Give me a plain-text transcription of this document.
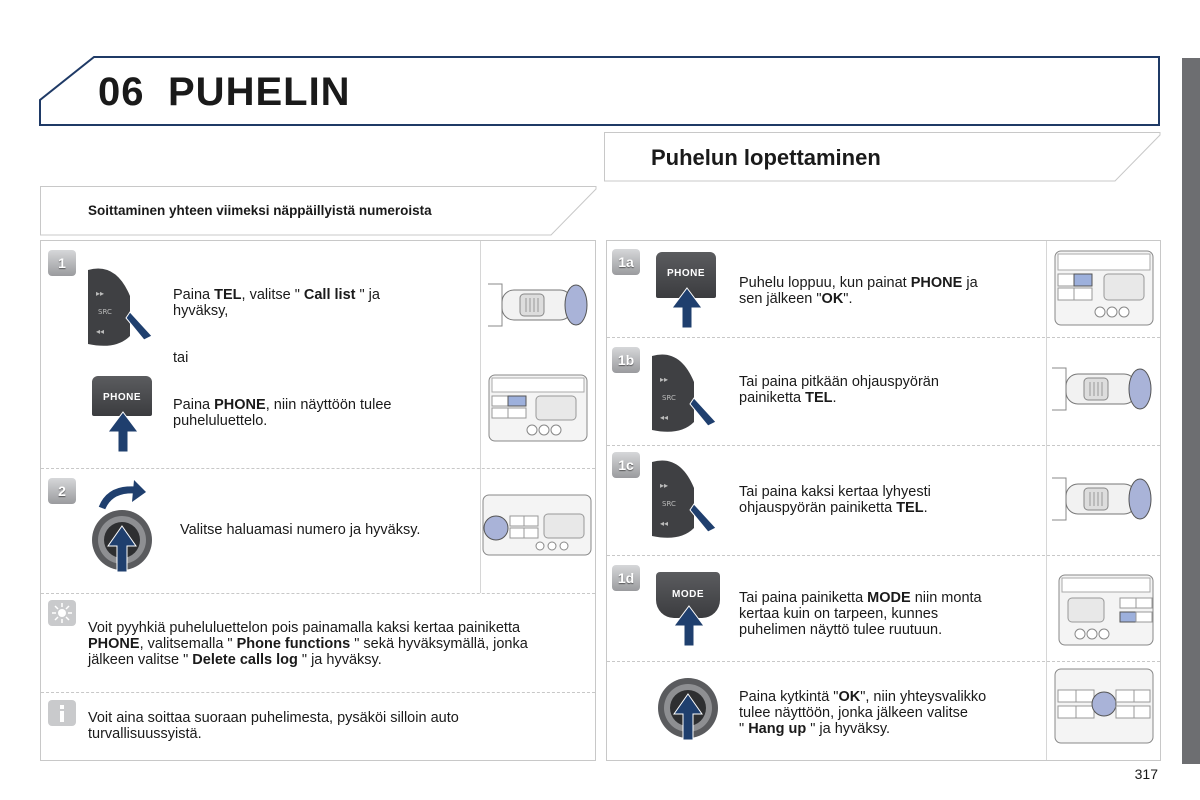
06 PUHELIN
Soittaminen yhteen viimeksi näppäillyistä numeroista
Puhelun lopettaminen
1
▸▸
SRC
◂◂
Paina TEL, valitse " Call list " ja
hyväksy,
tai
PHONE	Paina PHONE, niin näyttöön tulee
puheluluettelo.
2
Valitse haluamasi numero ja hyväksy.
Voit pyyhkiä puheluluettelon pois painamalla kaksi kertaa painiketta
PHONE, valitsemalla " Phone functions " sekä hyväksymällä, jonka
jälkeen valitse " Delete calls log " ja hyväksy.
Voit aina soittaa suoraan puhelimesta, pysäköi silloin auto
turvallisuussyistä.
1a
PHONE
Puhelu loppuu, kun painat PHONE ja
sen jälkeen "OK".
1b
▸▸
SRC
◂◂
Tai paina pitkään ohjauspyörän
painiketta TEL.
1c
▸▸
SRC
◂◂
Tai paina kaksi kertaa lyhyesti
ohjauspyörän painiketta TEL.
1d
MODE	Tai paina painiketta MODE niin monta
kertaa kuin on tarpeen, kunnes
puhelimen näyttö tulee ruutuun.
Paina kytkintä "OK", niin yhteysvalikko
tulee näyttöön, jonka jälkeen valitse
" Hang up " ja hyväksy.
317
